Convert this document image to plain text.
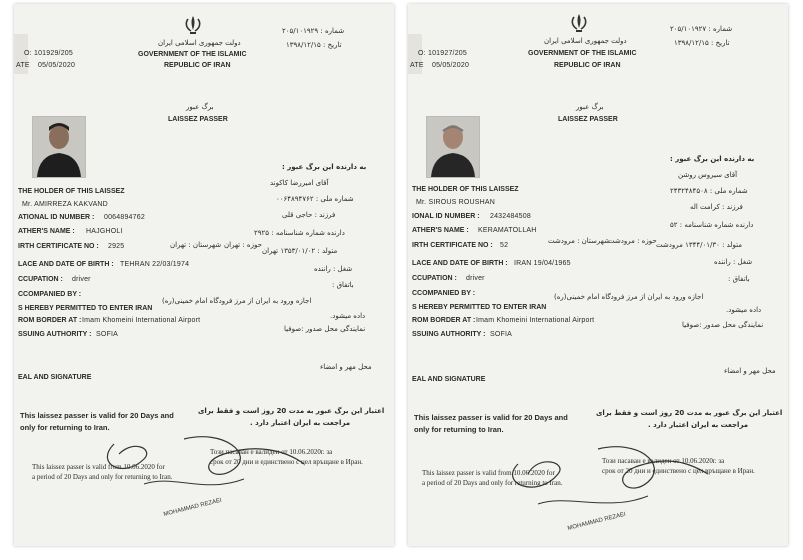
O: 101929/205
ATE 05/05/2020
دولت جمهوری اسلامی ایران
GOVERNMENT OF THE ISLAMIC
REPUBLIC OF IRAN
شماره : ۲۰۵/۱۰۱۹۲۹
تاریخ : ۱۳۹۸/۱۲/۱۵
برگ عبور
LAISSEZ PASSER
به دارنده این برگ عبور :
THE HOLDER OF THIS LAISSEZ
آقای امیررضا کاکوند
Mr. AMIRREZA KAKVAND
ATIONAL ID NUMBER : 0064894762
شماره ملی : ۰۰۶۴۸۹۴۷۶۲
ATHER'S NAME : HAJGHOLI
فرزند : حاجی قلی
IRTH CERTIFICATE NO : 2925
دارنده شماره شناسنامه : ۲۹۲۵
شهرستان : تهران حوزه : تهران
LACE AND DATE OF BIRTH : TEHRAN 22/03/1974
متولد : ۱۳۵۳/۰۱/۰۲ تهران
CCUPATION : driver
شغل : راننده
CCOMPANIED BY :
باتفاق :
S HEREBY PERMITTED TO ENTER IRAN
اجازه ورود به ایران از مرز فرودگاه امام خمینی(ره)
ROM BORDER AT : Imam Khomeini International Airport
داده میشود.
SSUING AUTHORITY : SOFIA
نمایندگی محل صدور :صوفیا
EAL AND SIGNATURE
محل مهر و امضاء
This laissez passer is valid for 20 Days and
only for returning to Iran.
اعتبار این برگ عبور به مدت 20 روز است و فقط برای
مراجعت به ایران اعتبار دارد .
MOHAMMAD REZAEI
This laissez passer is valid from 10.06.2020 for
a period of 20 Days and only for returning to Iran.
Този пасаван е валиден от 10.06.2020г. за
срок от 20 дни и единствено с цел връщане в Иран.
O: 101927/205
ATE 05/05/2020
دولت جمهوری اسلامی ایران
GOVERNMENT OF THE ISLAMIC
REPUBLIC OF IRAN
شماره : ۲۰۵/۱۰۱۹۲۷
تاریخ : ۱۳۹۸/۱۲/۱۵
برگ عبور
LAISSEZ PASSER
به دارنده این برگ عبور :
THE HOLDER OF THIS LAISSEZ
آقای سیروس روشن
Mr. SIROUS ROUSHAN
IONAL ID NUMBER : 2432484508
شماره ملی : ۲۴۳۲۴۸۴۵۰۸
ATHER'S NAME : KERAMATOLLAH
فرزند : کرامت اله
IRTH CERTIFICATE NO : 52
دارنده شماره شناسنامه : ۵۲
شهرستان : مرودشت
حوزه : مرودشت
LACE AND DATE OF BIRTH : IRAN 19/04/1965
متولد : ۱۳۴۴/۰۱/۳۰ مرودشت
CCUPATION : driver
شغل : راننده
CCOMPANIED BY :
باتفاق :
S HEREBY PERMITTED TO ENTER IRAN
اجازه ورود به ایران از مرز فرودگاه امام خمینی(ره)
ROM BORDER AT : Imam Khomeini International Airport
داده میشود.
SSUING AUTHORITY : SOFIA
نمایندگی محل صدور :صوفیا
EAL AND SIGNATURE
محل مهر و امضاء
This laissez passer is valid for 20 Days and
only for returning to Iran.
اعتبار این برگ عبور به مدت 20 روز است و فقط برای
مراجعت به ایران اعتبار دارد .
MOHAMMAD REZAEI
This laissez passer is valid from 10.06.2020 for
a period of 20 Days and only for returning to Iran.
Този пасаван е валиден от 10.06.2020г. за
срок от 20 дни и единствено с цел връщане в Иран.
